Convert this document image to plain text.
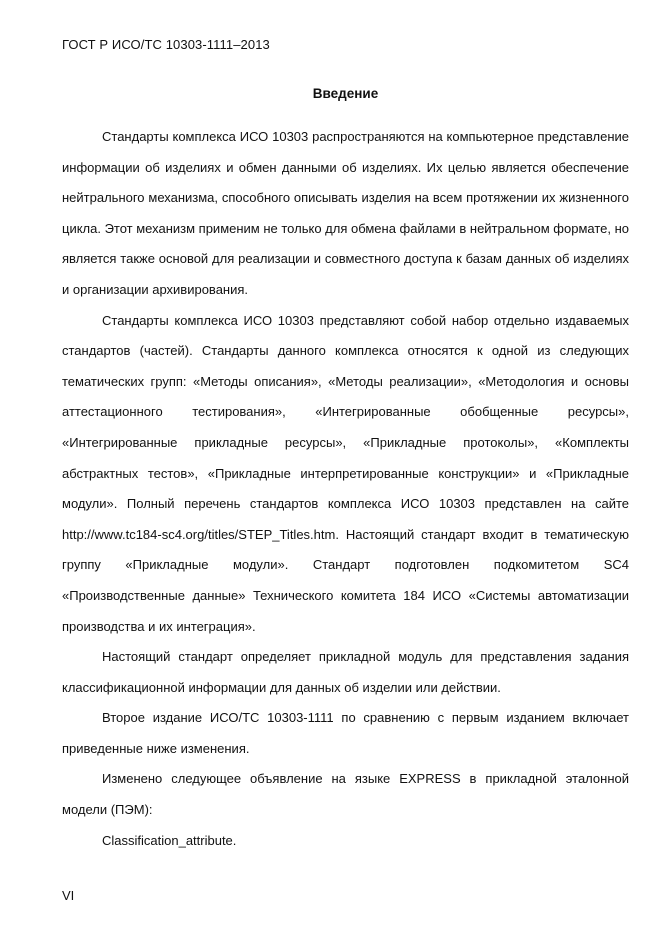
ГОСТ Р ИСО/ТС 10303-1111–2013
Введение

Стандарты комплекса ИСО 10303 распространяются на компьютерное представление информации об изделиях и обмен данными об изделиях. Их целью является обеспечение нейтрального механизма, способного описывать изделия на всем протяжении их жизненного цикла. Этот механизм применим не только для обмена файлами в нейтральном формате, но является также основой для реализации и совместного доступа к базам данных об изделиях и организации архивирования.

Стандарты комплекса ИСО 10303 представляют собой набор отдельно издаваемых стандартов (частей). Стандарты данного комплекса относятся к одной из следующих тематических групп: «Методы описания», «Методы реализации», «Методология и основы аттестационного тестирования», «Интегрированные обобщенные ресурсы», «Интегрированные прикладные ресурсы», «Прикладные протоколы», «Комплекты абстрактных тестов», «Прикладные интерпретированные конструкции» и «Прикладные модули». Полный перечень стандартов комплекса ИСО 10303 представлен на сайте http://www.tc184-sc4.org/titles/STEP_Titles.htm. Настоящий стандарт входит в тематическую группу «Прикладные модули». Стандарт подготовлен подкомитетом SC4 «Производственные данные» Технического комитета 184 ИСО «Системы автоматизации производства и их интеграция».

Настоящий стандарт определяет прикладной модуль для представления задания классификационной информации для данных об изделии или действии.

Второе издание ИСО/ТС 10303-1111 по сравнению с первым изданием включает приведенные ниже изменения.

Изменено следующее объявление на языке EXPRESS в прикладной эталонной модели (ПЭМ):

Classification_attribute.
VI
